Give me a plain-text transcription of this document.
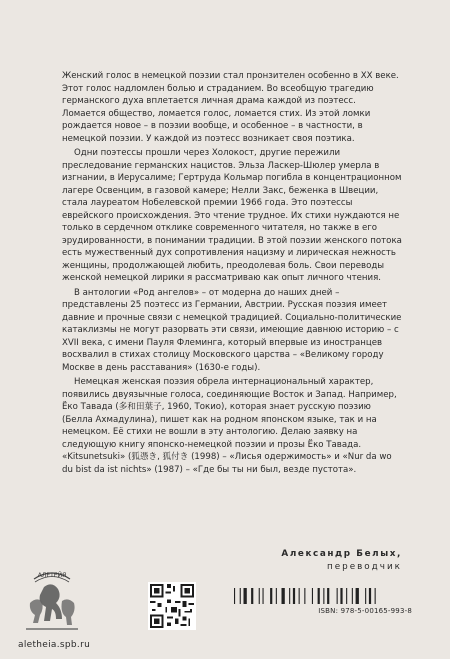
Женский голос в немецкой поэзии стал пронзителен особенно в XX веке. Этот голос надломлен болью и страданием. Во всеобщую трагедию германского духа вплетается личная драма каждой из поэтесс. Ломается общество, ломается голос, ломается стих. Из этой ломки рождается новое – в поэзии вообще, и особенное – в частности, в немецкой поэзии. У каждой из поэтесс возникает своя поэтика.

Одни поэтессы прошли через Холокост, другие пережили преследование германских нацистов. Эльза Ласкер-Шюлер умерла в изгнании, в Иерусалиме; Гертруда Кольмар погибла в концентрационном лагере Освенцим, в газовой камере; Нелли Закс, беженка в Швеции, стала лауреатом Нобелевской премии 1966 года. Это поэтессы еврейского происхождения. Это чтение трудное. Их стихи нуждаются не только в сердечном отклике современного читателя, но также в его эрудированности, в понимании традиции. В этой поэзии женского потока есть мужественный дух сопротивления нацизму и лирическая нежность женщины, продолжающей любить, преодолевая боль. Свои переводы женской немецкой лирики я рассматриваю как опыт личного чтения.

В антологии «Род ангелов» – от модерна до наших дней – представлены 25 поэтесс из Германии, Австрии. Русская поэзия имеет давние и прочные связи с немецкой традицией. Социально-политические катаклизмы не могут разорвать эти связи, имеющие давнюю историю – с XVII века, с имени Пауля Флеминга, который впервые из иностранцев восхвалил в стихах столицу Московского царства – «Великому городу Москве в день расставания» (1630-е годы).

Немецкая женская поэзия обрела интернациональный характер, появились двуязычные голоса, соединяющие Восток и Запад. Например, Ёко Тавада (多和田葉子, 1960, Токио), которая знает русскую поэзию (Белла Ахмадулина), пишет как на родном японском языке, так и на немецком. Её стихи не вошли в эту антологию. Делаю заявку на следующую книгу японско-немецкой поэзии и прозы Ёко Тавада. «Kitsunetsuki» (狐憑き, 狐付き (1998) – «Лисья одержимость» и «Nur da wo du bist da ist nichts» (1987) – «Где бы ты ни был, везде пустота».

Александр Белых,
переводчик
АЛЕТЕЙЯ
aletheia.spb.ru
ISBN: 978-5-00165-993-8
